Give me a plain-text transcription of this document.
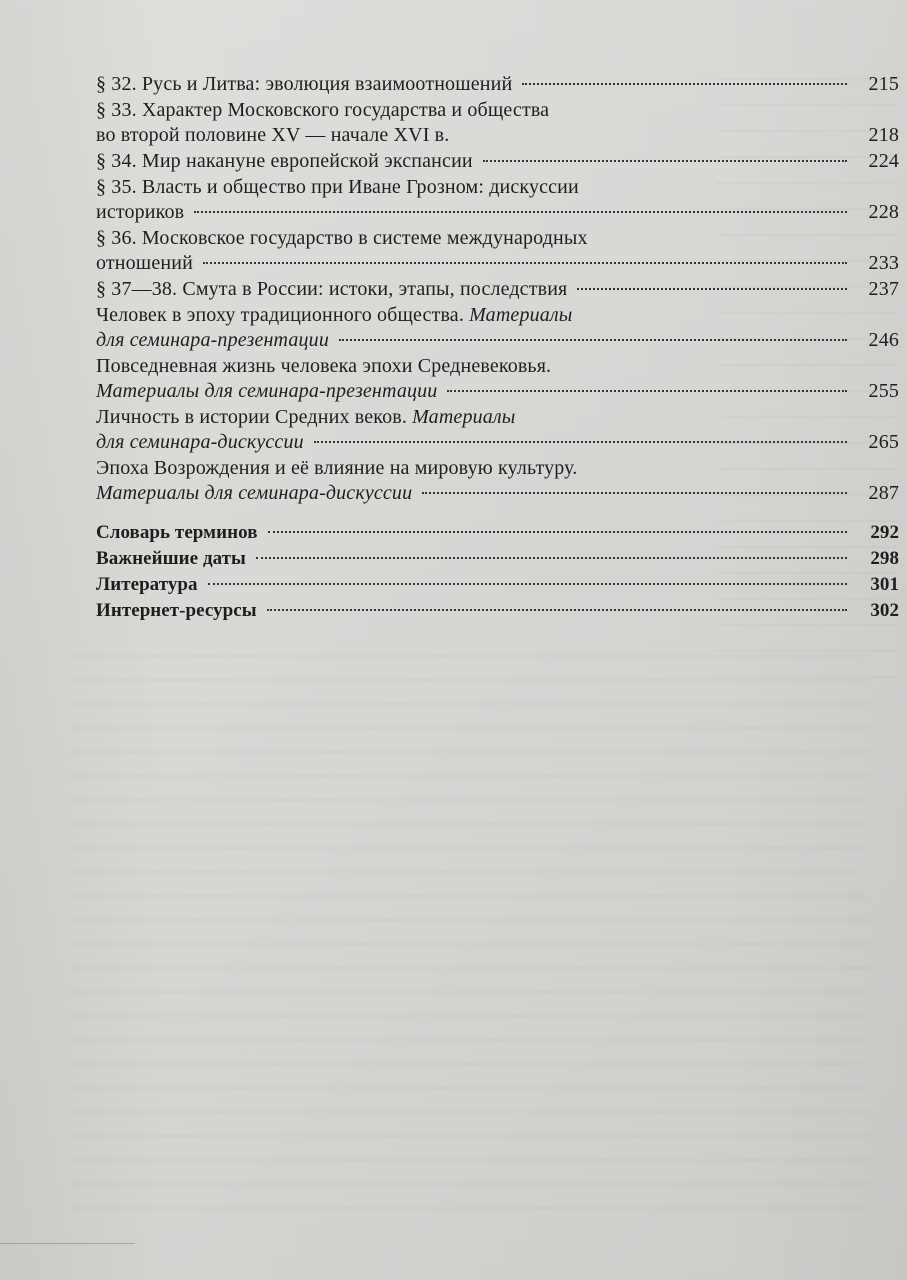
§ 32. Русь и Литва: эволюция взаимоотношений	215
§ 33. Характер Московского государства и общества
во второй половине XV — начале XVI в.	218
§ 34. Мир накануне европейской экспансии	224
§ 35. Власть и общество при Иване Грозном: дискуссии
историков	228
§ 36. Московское государство в системе международных
отношений	233
§ 37—38. Смута в России: истоки, этапы, последствия	237
Человек в эпоху традиционного общества. Материалы
для семинара-презентации	246
Повседневная жизнь человека эпохи Средневековья.
Материалы для семинара-презентации	255
Личность в истории Средних веков. Материалы
для семинара-дискуссии	265
Эпоха Возрождения и её влияние на мировую культуру.
Материалы для семинара-дискуссии	287
Словарь терминов	292
Важнейшие даты	298
Литература	301
Интернет-ресурсы	302
